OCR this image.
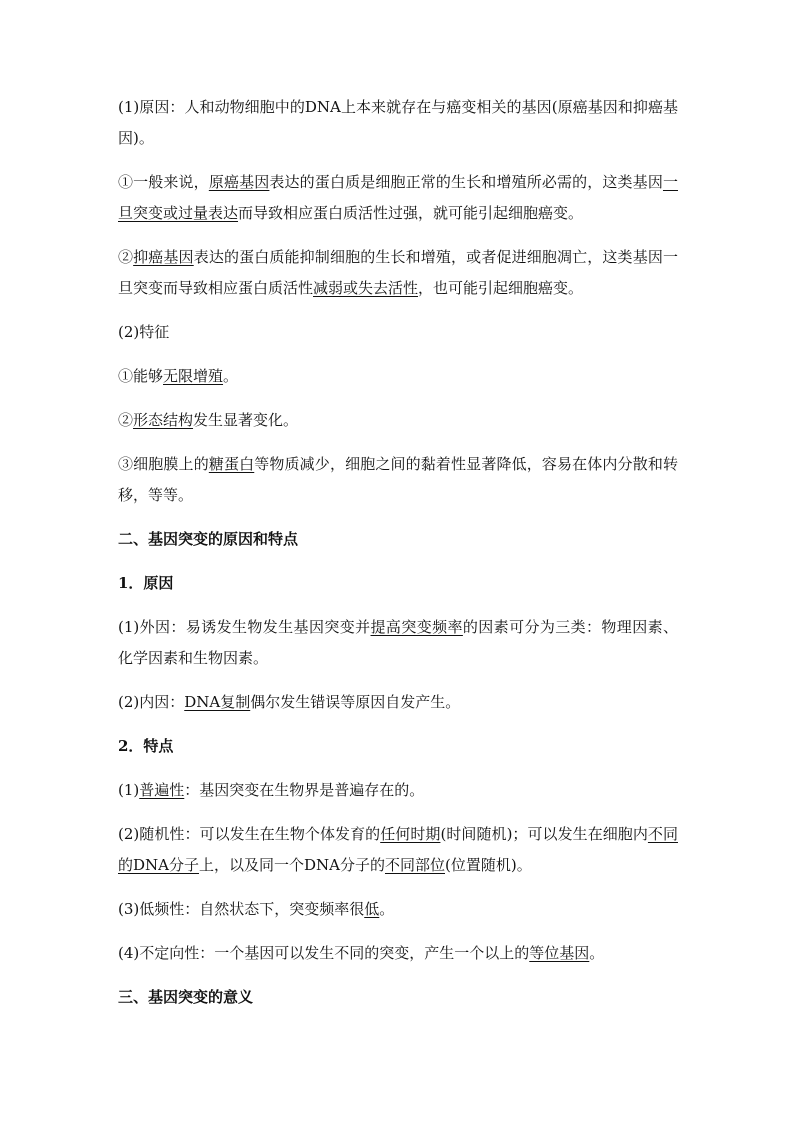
(1)原因：人和动物细胞中的DNA上本来就存在与癌变相关的基因(原癌基因和抑癌基因)。

①一般来说，原癌基因表达的蛋白质是细胞正常的生长和增殖所必需的，这类基因一旦突变或过量表达而导致相应蛋白质活性过强，就可能引起细胞癌变。

②抑癌基因表达的蛋白质能抑制细胞的生长和增殖，或者促进细胞凋亡，这类基因一旦突变而导致相应蛋白质活性减弱或失去活性，也可能引起细胞癌变。

(2)特征

①能够无限增殖。

②形态结构发生显著变化。

③细胞膜上的糖蛋白等物质减少，细胞之间的黏着性显著降低，容易在体内分散和转移，等等。

二、基因突变的原因和特点

1．原因

(1)外因：易诱发生物发生基因突变并提高突变频率的因素可分为三类：物理因素、化学因素和生物因素。

(2)内因：DNA复制偶尔发生错误等原因自发产生。

2．特点

(1)普遍性：基因突变在生物界是普遍存在的。

(2)随机性：可以发生在生物个体发育的任何时期(时间随机)；可以发生在细胞内不同的DNA分子上，以及同一个DNA分子的不同部位(位置随机)。

(3)低频性：自然状态下，突变频率很低。

(4)不定向性：一个基因可以发生不同的突变，产生一个以上的等位基因。

三、基因突变的意义
